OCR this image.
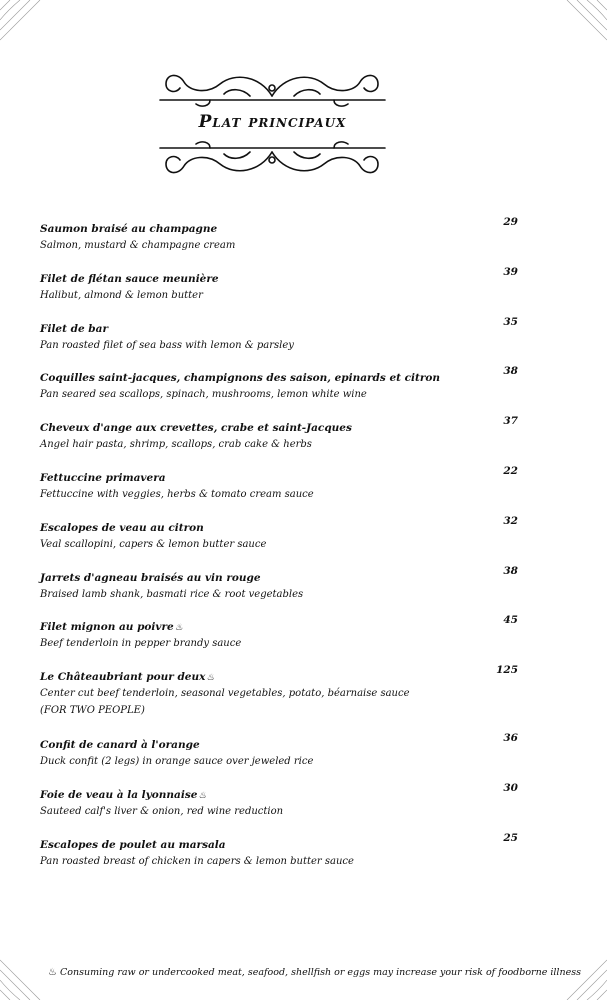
Plat principaux
Saumon braisé au champagne
Salmon, mustard & champagne cream
29
Filet de flétan sauce meunière
Halibut, almond & lemon butter
39
Filet de bar
Pan roasted filet of sea bass with lemon & parsley
35
Coquilles saint-jacques, champignons des saison, epinards et citron
Pan seared sea scallops, spinach, mushrooms, lemon white wine
38
Cheveux d'ange aux crevettes, crabe et saint-Jacques
Angel hair pasta, shrimp, scallops, crab cake & herbs
37
Fettuccine primavera
Fettuccine with veggies, herbs & tomato cream sauce
22
Escalopes de veau au citron
Veal scallopini, capers & lemon butter sauce
32
Jarrets d'agneau braisés au vin rouge
Braised lamb shank, basmati rice & root vegetables
38
Filet mignon au poivre♨
Beef tenderloin in pepper brandy sauce
45
Le Châteaubriant pour deux♨
Center cut beef tenderloin, seasonal vegetables, potato, béarnaise sauce
(FOR TWO PEOPLE)
125
Confit de canard à l'orange
Duck confit (2 legs) in orange sauce over jeweled rice
36
Foie de veau à la lyonnaise♨
Sauteed calf's liver & onion, red wine reduction
30
Escalopes de poulet au marsala
Pan roasted breast of chicken in capers & lemon butter sauce
25
♨ Consuming raw or undercooked meat, seafood, shellfish or eggs may increase your risk of foodborne illness
